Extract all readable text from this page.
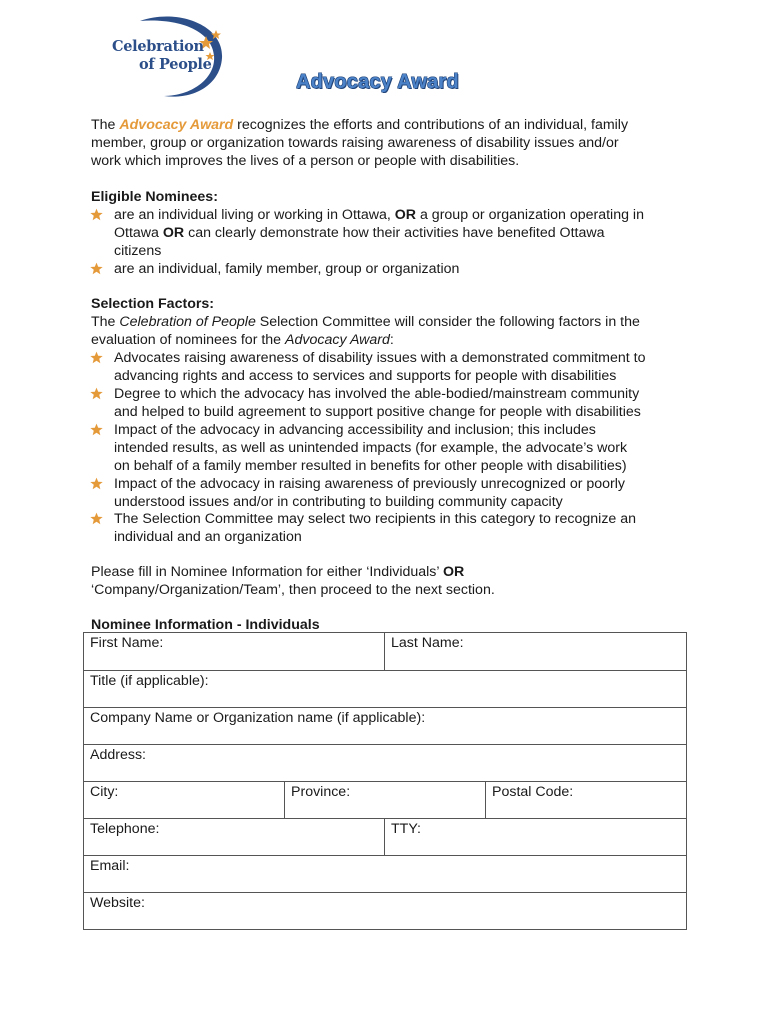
Celebration
of People
Advocacy Award
The Advocacy Award recognizes the efforts and contributions of an individual, family
member, group or organization towards raising awareness of disability issues and/or
work which improves the lives of a person or people with disabilities.
Eligible Nominees:
are an individual living or working in Ottawa, OR a group or organization operating in
Ottawa OR can clearly demonstrate how their activities have benefited Ottawa
citizens
are an individual, family member, group or organization
Selection Factors:
The Celebration of People Selection Committee will consider the following factors in the
evaluation of nominees for the Advocacy Award:
Advocates raising awareness of disability issues with a demonstrated commitment to
advancing rights and access to services and supports for people with disabilities
Degree to which the advocacy has involved the able-bodied/mainstream community
and helped to build agreement to support positive change for people with disabilities
Impact of the advocacy in advancing accessibility and inclusion; this includes
intended results, as well as unintended impacts (for example, the advocate’s work
on behalf of a family member resulted in benefits for other people with disabilities)
Impact of the advocacy in raising awareness of previously unrecognized or poorly
understood issues and/or in contributing to building community capacity
The Selection Committee may select two recipients in this category to recognize an
individual and an organization
Please fill in Nominee Information for either ‘Individuals’ OR
‘Company/Organization/Team’, then proceed to the next section.
Nominee Information - Individuals
First Name:	Last Name:
Title (if applicable):
Company Name or Organization name (if applicable):
Address:
City:	Province:	Postal Code:
Telephone:	TTY:
Email:
Website:
